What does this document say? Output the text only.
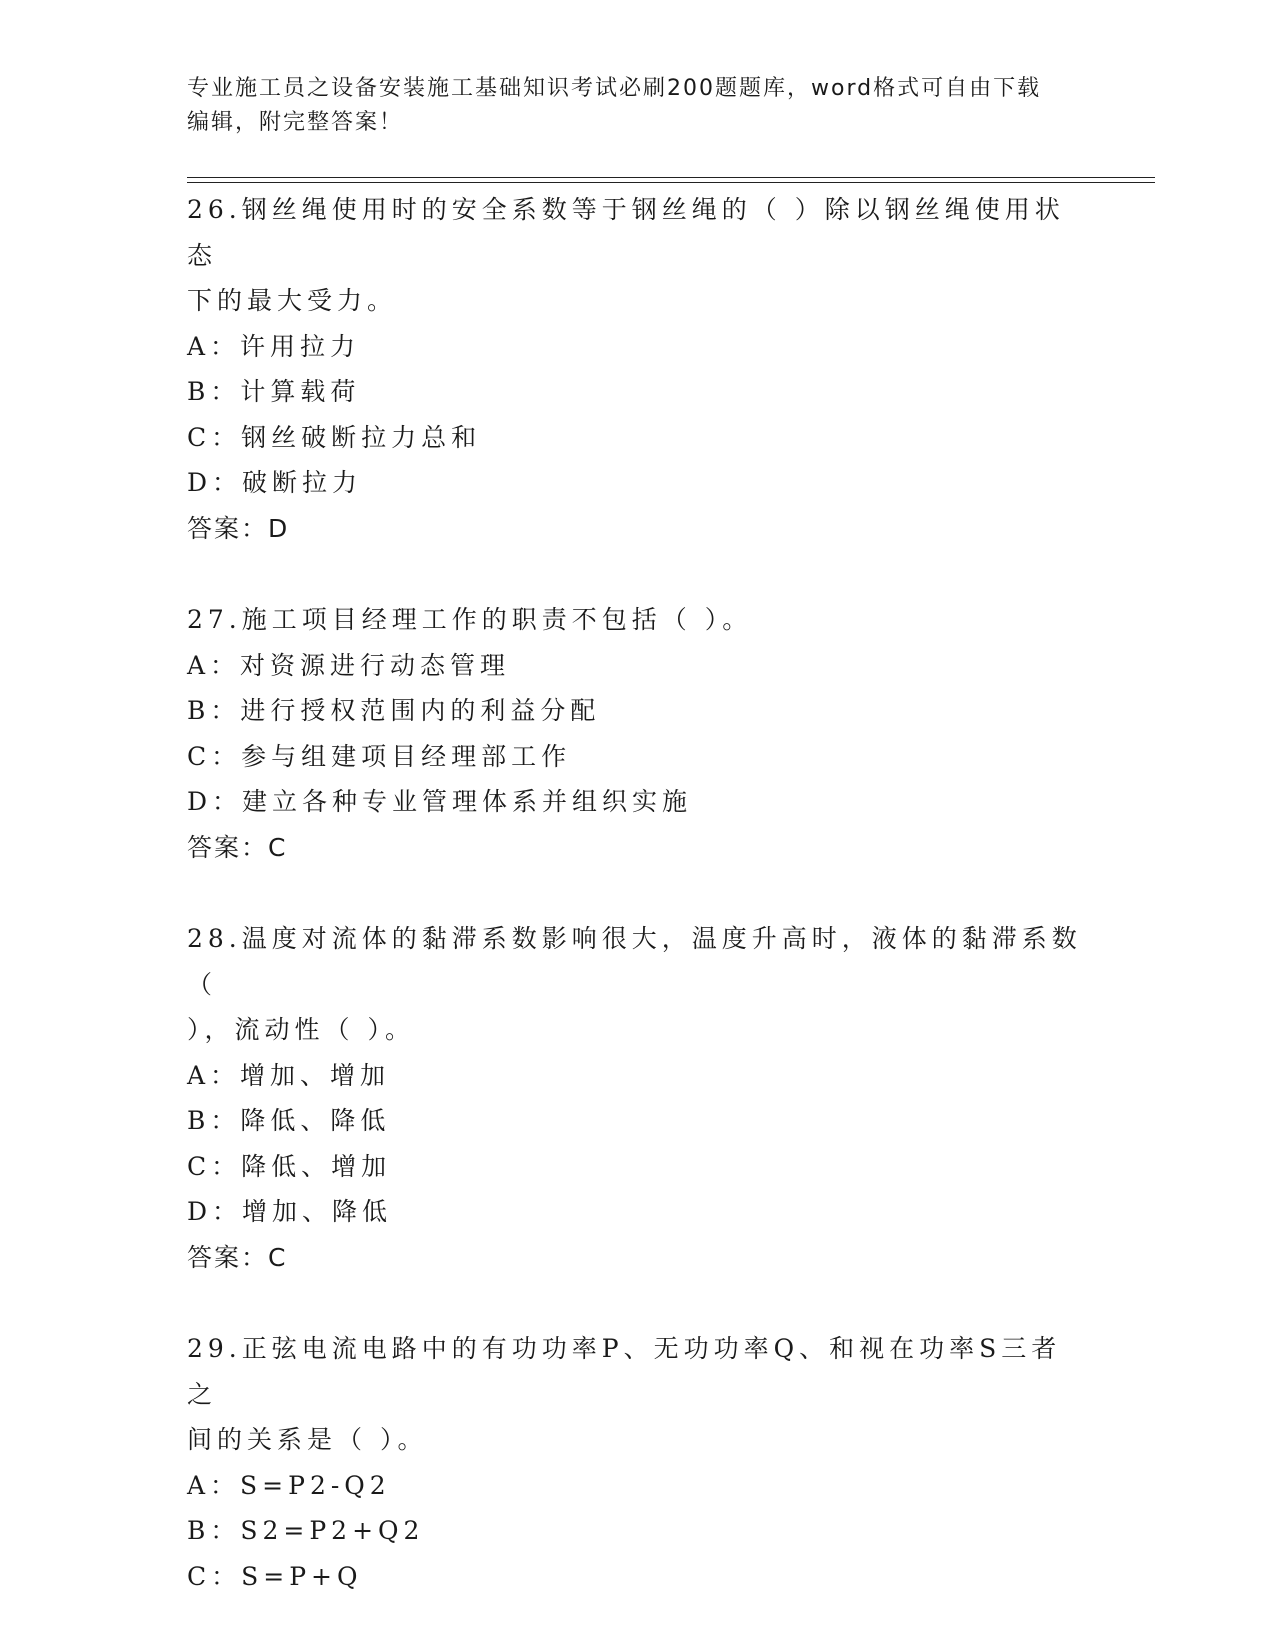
专业施工员之设备安装施工基础知识考试必刷200题题库，word格式可自由下载
编辑，附完整答案！
26.钢丝绳使用时的安全系数等于钢丝绳的（ ）除以钢丝绳使用状态
下的最大受力。
A：许用拉力
B：计算载荷
C：钢丝破断拉力总和
D：破断拉力
答案：D
27.施工项目经理工作的职责不包括（ ）。
A：对资源进行动态管理
B：进行授权范围内的利益分配
C：参与组建项目经理部工作
D：建立各种专业管理体系并组织实施
答案：C
28.温度对流体的黏滞系数影响很大，温度升高时，液体的黏滞系数（
），流动性（ ）。
A：增加、增加
B：降低、降低
C：降低、增加
D：增加、降低
答案：C
29.正弦电流电路中的有功功率P、无功功率Q、和视在功率S三者之
间的关系是（ ）。
A：S=P2-Q2
B：S2=P2+Q2
C：S=P+Q
